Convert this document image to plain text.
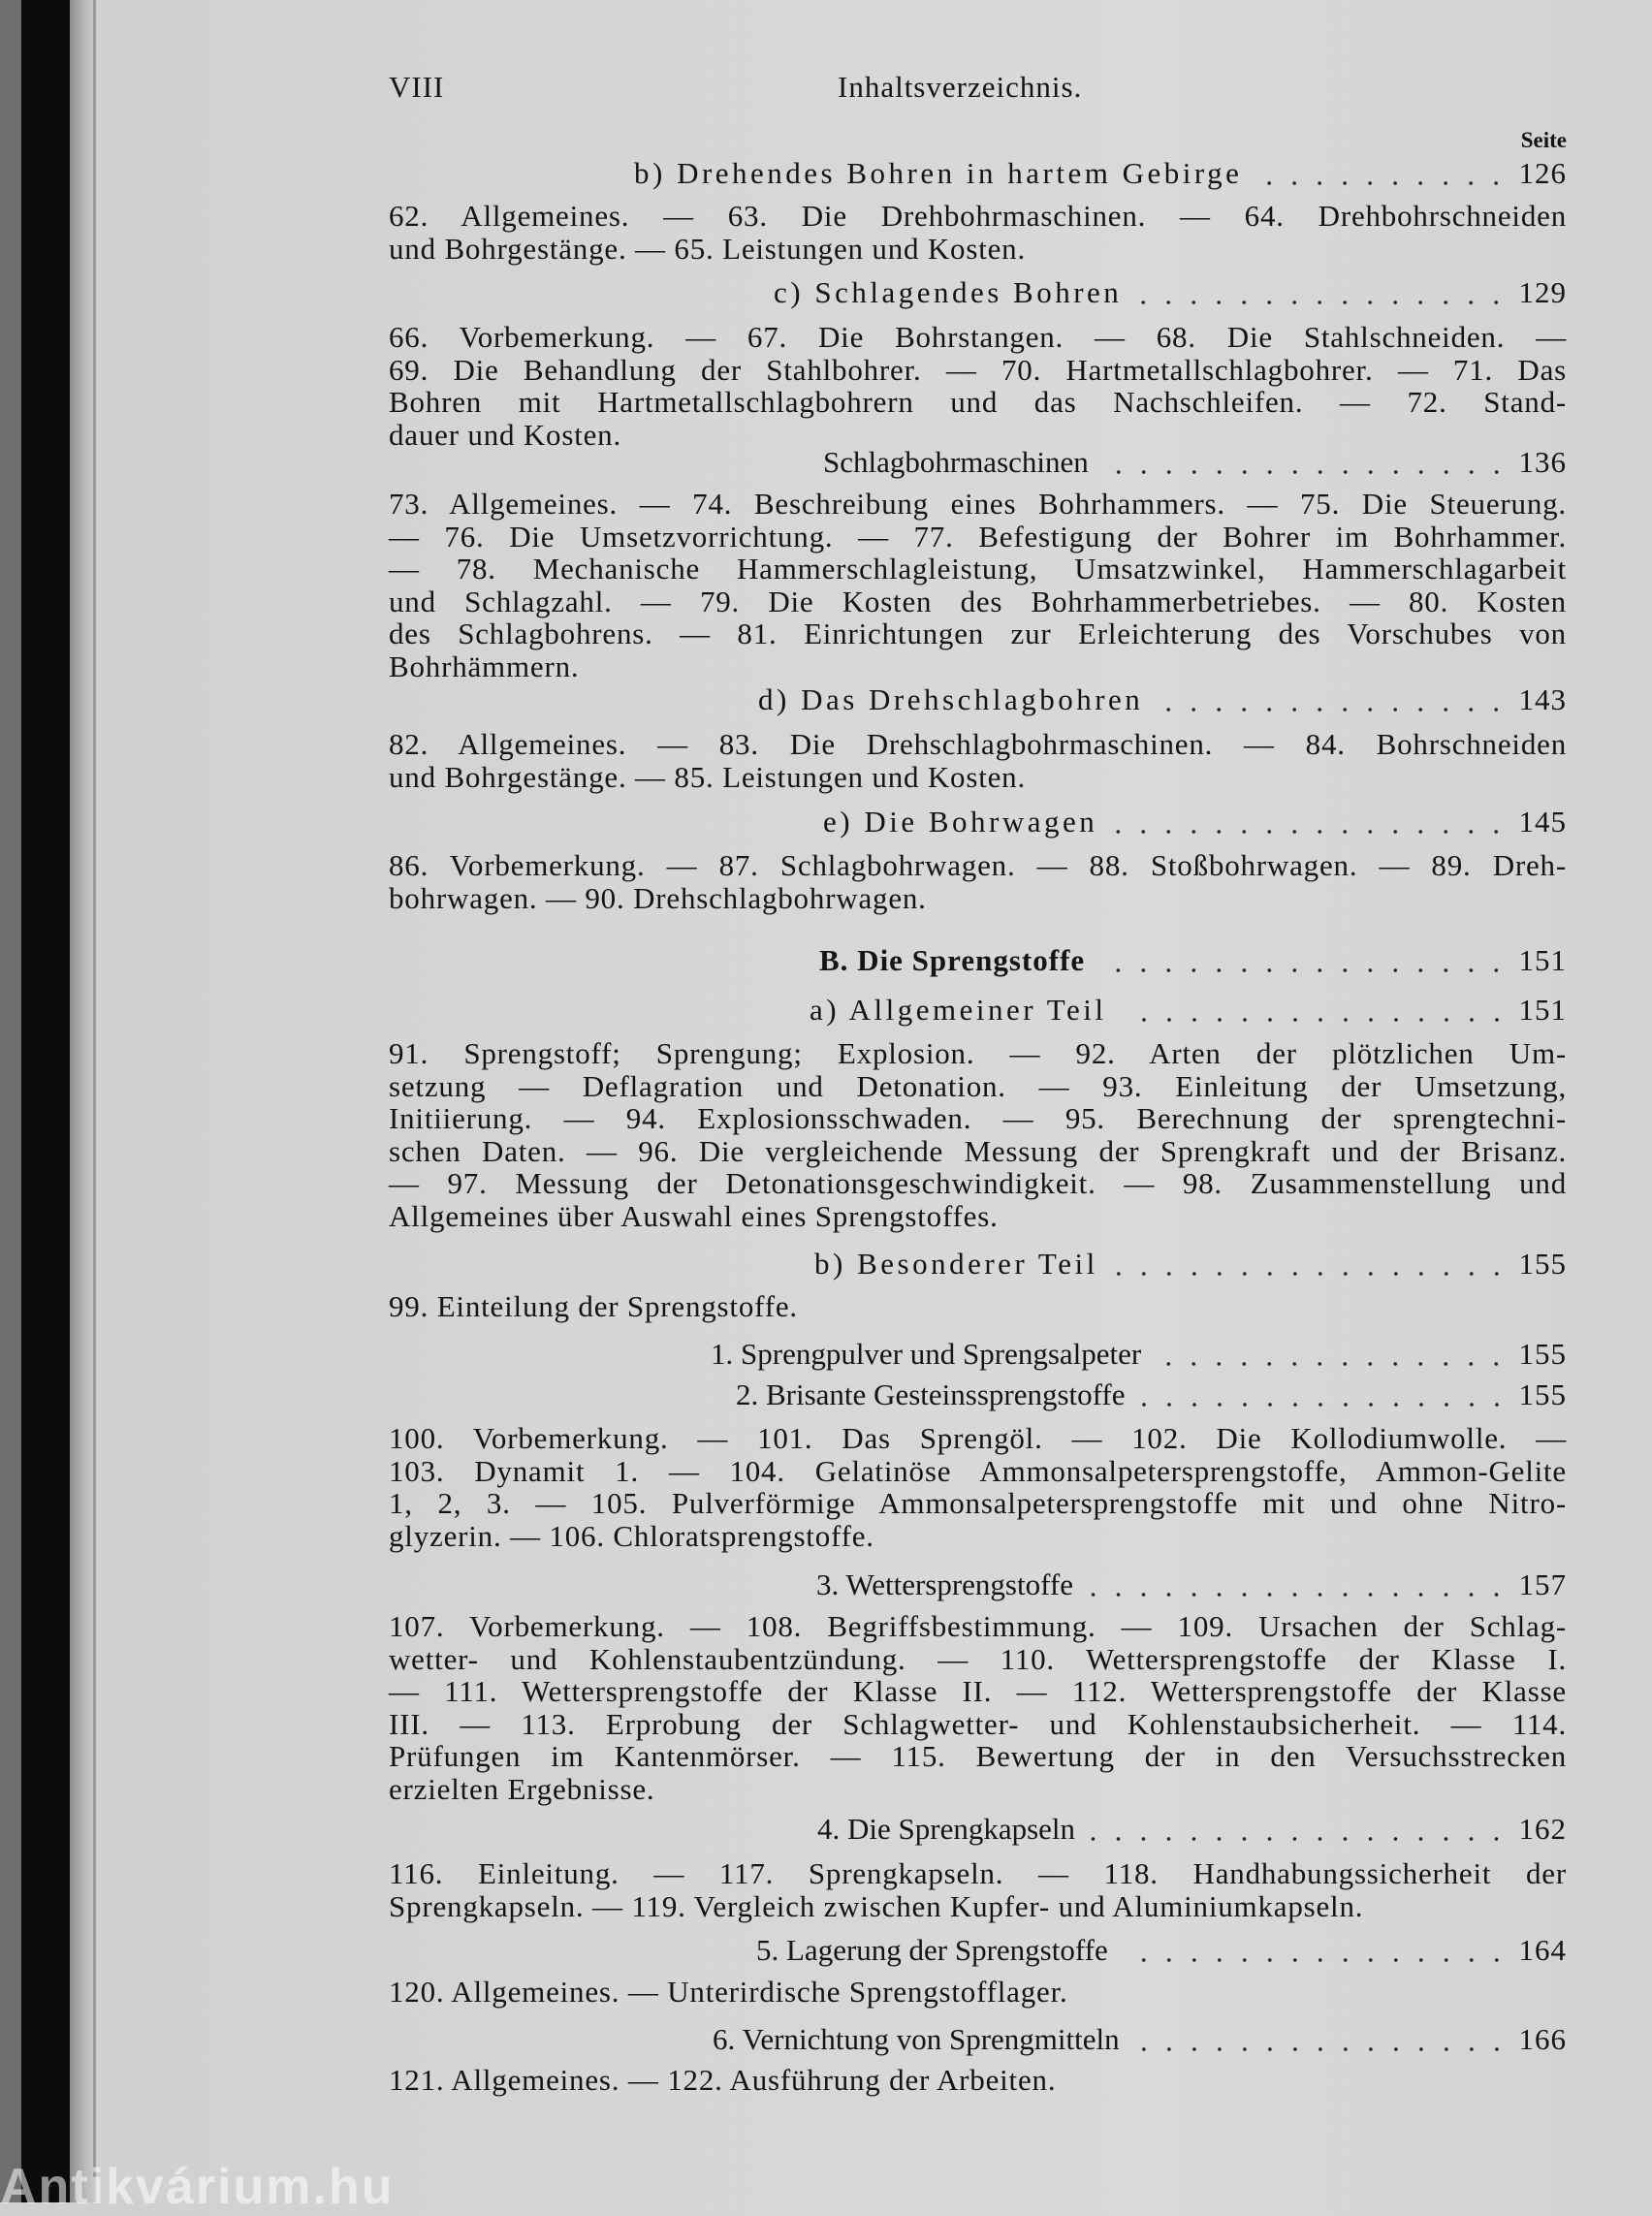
VIII	Inhaltsverzeichnis.
Seite
b) Drehendes Bohren in hartem Gebirge	126
62. Allgemeines. — 63. Die Drehbohrmaschinen. — 64. Drehbohrschneiden
und Bohrgestänge. — 65. Leistungen und Kosten.
c) Schlagendes Bohren	129
66. Vorbemerkung. — 67. Die Bohrstangen. — 68. Die Stahlschneiden. —
69. Die Behandlung der Stahlbohrer. — 70. Hartmetallschlagbohrer. — 71. Das
Bohren mit Hartmetallschlagbohrern und das Nachschleifen. — 72. Stand-
dauer und Kosten.
Schlagbohrmaschinen	136
73. Allgemeines. — 74. Beschreibung eines Bohrhammers. — 75. Die Steuerung.
— 76. Die Umsetzvorrichtung. — 77. Befestigung der Bohrer im Bohrhammer.
— 78. Mechanische Hammerschlagleistung, Umsatzwinkel, Hammerschlagarbeit
und Schlagzahl. — 79. Die Kosten des Bohrhammerbetriebes. — 80. Kosten
des Schlagbohrens. — 81. Einrichtungen zur Erleichterung des Vorschubes von
Bohrhämmern.
d) Das Drehschlagbohren	143
82. Allgemeines. — 83. Die Drehschlagbohrmaschinen. — 84. Bohrschneiden
und Bohrgestänge. — 85. Leistungen und Kosten.
e) Die Bohrwagen	145
86. Vorbemerkung. — 87. Schlagbohrwagen. — 88. Stoßbohrwagen. — 89. Dreh-
bohrwagen. — 90. Drehschlagbohrwagen.
B. Die Sprengstoffe	151
a) Allgemeiner Teil	151
91. Sprengstoff; Sprengung; Explosion. — 92. Arten der plötzlichen Um-
setzung — Deflagration und Detonation. — 93. Einleitung der Umsetzung,
Initiierung. — 94. Explosionsschwaden. — 95. Berechnung der sprengtechni-
schen Daten. — 96. Die vergleichende Messung der Sprengkraft und der Brisanz.
— 97. Messung der Detonationsgeschwindigkeit. — 98. Zusammenstellung und
Allgemeines über Auswahl eines Sprengstoffes.
b) Besonderer Teil	155
99. Einteilung der Sprengstoffe.
1. Sprengpulver und Sprengsalpeter	155
2. Brisante Gesteinssprengstoffe	155
100. Vorbemerkung. — 101. Das Sprengöl. — 102. Die Kollodiumwolle. —
103. Dynamit 1. — 104. Gelatinöse Ammonsalpetersprengstoffe, Ammon-Gelite
1, 2, 3. — 105. Pulverförmige Ammonsalpetersprengstoffe mit und ohne Nitro-
glyzerin. — 106. Chloratsprengstoffe.
3. Wettersprengstoffe	157
107. Vorbemerkung. — 108. Begriffsbestimmung. — 109. Ursachen der Schlag-
wetter- und Kohlenstaubentzündung. — 110. Wettersprengstoffe der Klasse I.
— 111. Wettersprengstoffe der Klasse II. — 112. Wettersprengstoffe der Klasse
III. — 113. Erprobung der Schlagwetter- und Kohlenstaubsicherheit. — 114.
Prüfungen im Kantenmörser. — 115. Bewertung der in den Versuchsstrecken
erzielten Ergebnisse.
4. Die Sprengkapseln	162
116. Einleitung. — 117. Sprengkapseln. — 118. Handhabungssicherheit der
Sprengkapseln. — 119. Vergleich zwischen Kupfer- und Aluminiumkapseln.
5. Lagerung der Sprengstoffe	164
120. Allgemeines. — Unterirdische Sprengstofflager.
6. Vernichtung von Sprengmitteln	166
121. Allgemeines. — 122. Ausführung der Arbeiten.
Antikvárium.hu
